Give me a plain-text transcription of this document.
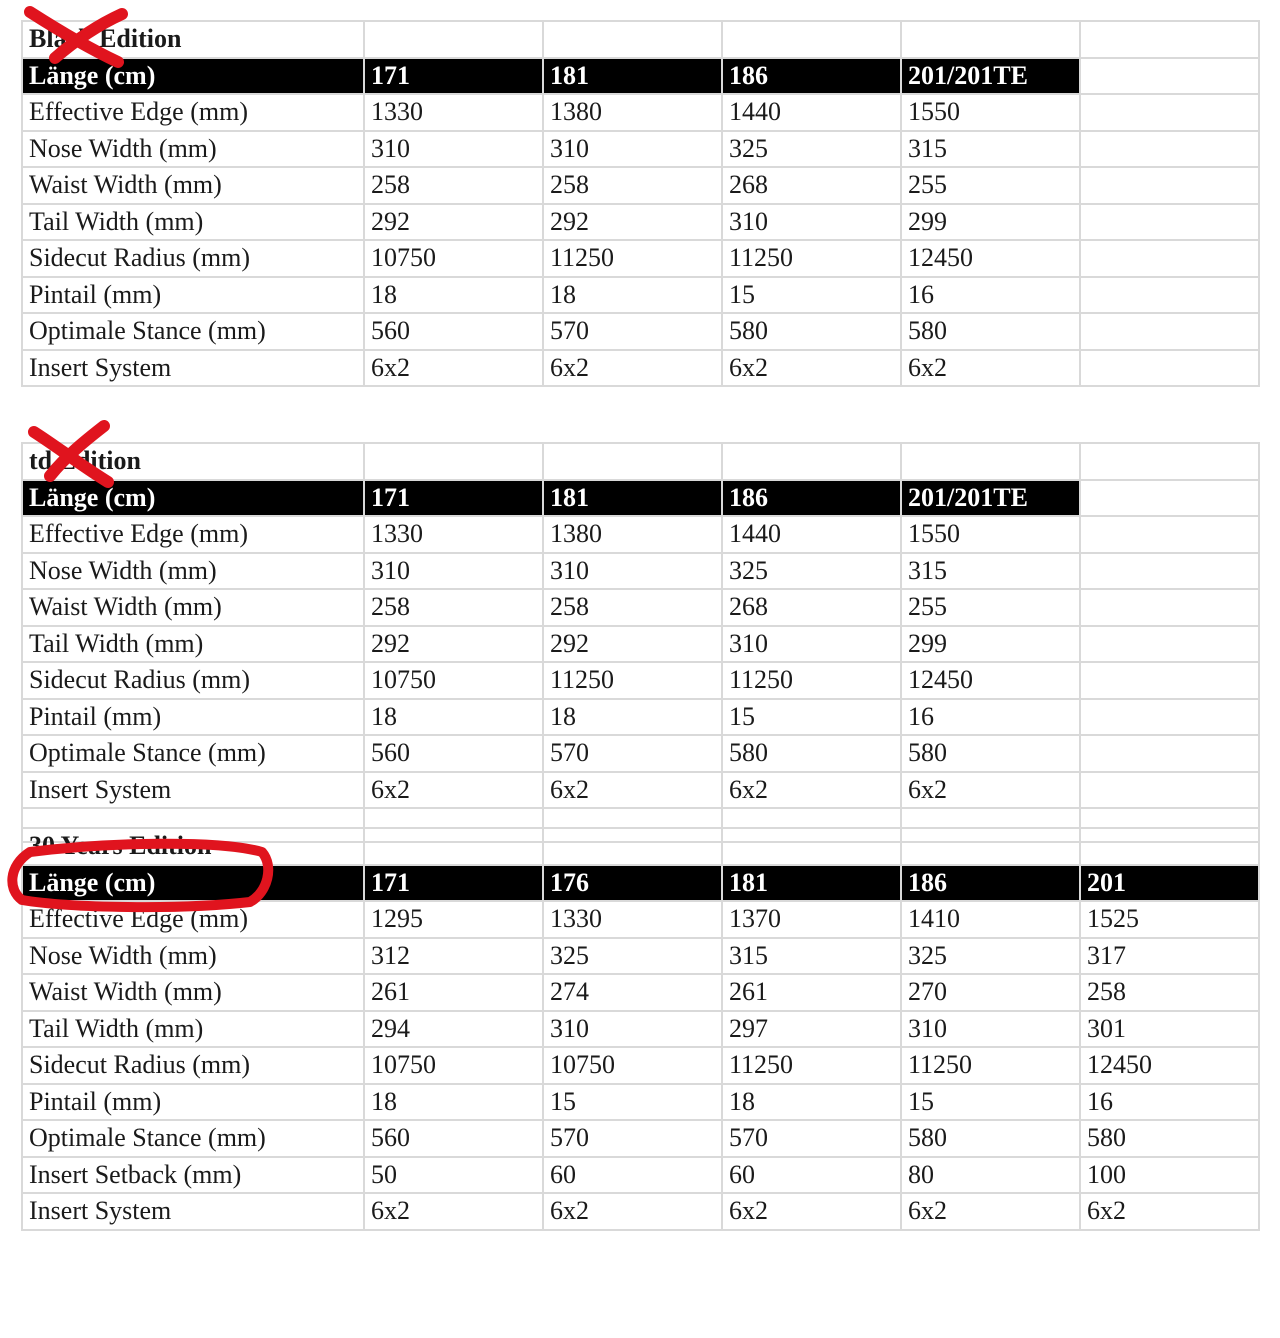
Black Edition					
Länge (cm)	171	181	186	201/201TE	
Effective Edge (mm)	1330	1380	1440	1550	
Nose Width (mm)	310	310	325	315	
Waist Width (mm)	258	258	268	255	
Tail Width (mm)	292	292	310	299	
Sidecut Radius (mm)	10750	11250	11250	12450	
Pintail (mm)	18	18	15	16	
Optimale Stance (mm)	560	570	580	580	
Insert System	6x2	6x2	6x2	6x2	
td Edition					
Länge (cm)	171	181	186	201/201TE	
Effective Edge (mm)	1330	1380	1440	1550	
Nose Width (mm)	310	310	325	315	
Waist Width (mm)	258	258	268	255	
Tail Width (mm)	292	292	310	299	
Sidecut Radius (mm)	10750	11250	11250	12450	
Pintail (mm)	18	18	15	16	
Optimale Stance (mm)	560	570	580	580	
Insert System	6x2	6x2	6x2	6x2	

30 Years Edition					
Länge (cm)	171	176	181	186	201
Effective Edge (mm)	1295	1330	1370	1410	1525
Nose Width (mm)	312	325	315	325	317
Waist Width (mm)	261	274	261	270	258
Tail Width (mm)	294	310	297	310	301
Sidecut Radius (mm)	10750	10750	11250	11250	12450
Pintail (mm)	18	15	18	15	16
Optimale Stance (mm)	560	570	570	580	580
Insert Setback (mm)	50	60	60	80	100
Insert System	6x2	6x2	6x2	6x2	6x2
